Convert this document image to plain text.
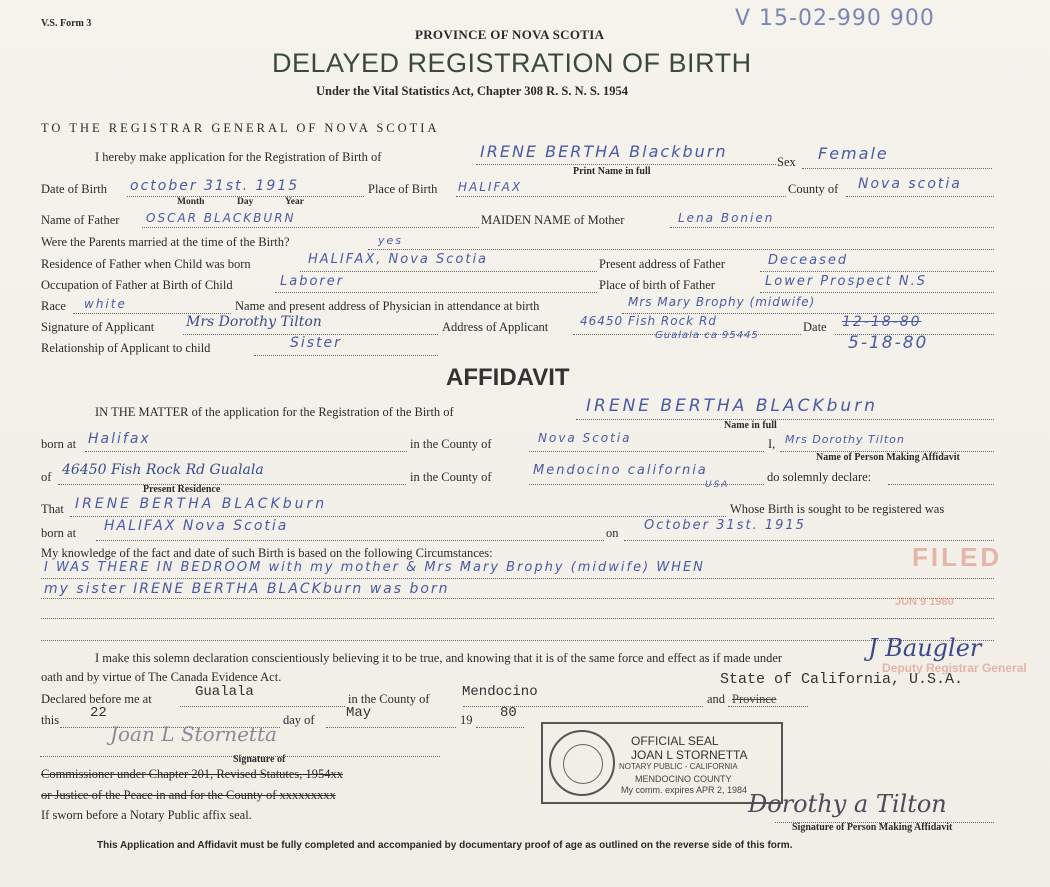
V.S. Form 3	V 15-02-990 900
PROVINCE OF NOVA SCOTIA
DELAYED REGISTRATION OF BIRTH
Under the Vital Statistics Act, Chapter 308 R. S. N. S. 1954
TO THE REGISTRAR GENERAL OF NOVA SCOTIA
I hereby make application for the Registration of Birth of	IRENE BERTHA Blackburn
Sex Female
Print Name in full
Date of Birth october 31st. 1915
Month	Day	Year
Place of Birth HALIFAX	County of Nova scotia
Name of Father OSCAR BLACKBURN	MAIDEN NAME of Mother	Lena Bonien
Were the Parents married at the time of the Birth?	yes
Residence of Father when Child was born	HALIFAX, Nova Scotia	Present address of Father	Deceased
Occupation of Father at Birth of Child	Laborer	Place of birth of Father	Lower Prospect N.S
Race white	Name and present address of Physician in attendance at birth	Mrs Mary Brophy (midwife)
Signature of Applicant Mrs Dorothy Tilton	Address of Applicant	46450 Fish Rock Rd
Gualala ca 95445
Date 12-18-80
5-18-80
Relationship of Applicant to child	Sister
AFFIDAVIT
IN THE MATTER of the application for the Registration of the Birth of	IRENE BERTHA BLACKburn
Name in full
born at Halifax	in the County of	Nova Scotia	I, Mrs Dorothy Tilton
Name of Person Making Affidavit
of 46450 Fish Rock Rd Gualala
Present Residence
in the County of	Mendocino california
USA
do solemnly declare:
That IRENE BERTHA BLACKburn	Whose Birth is sought to be registered was
born at HALIFAX Nova Scotia	on October 31st. 1915
My knowledge of the fact and date of such Birth is based on the following Circumstances:
I WAS THERE IN BEDROOM with my mother & Mrs Mary Brophy (midwife) WHEN
my sister IRENE BERTHA BLACKburn was born
I make this solemn declaration conscientiously believing it to be true, and knowing that it is of the same force and effect as if made under
oath and by virtue of The Canada Evidence Act.
Declared before me at	Gualala	in the County of Mendocino
State of California, U.S.A.
and Province
this 22	day of May	19 80
Joan L Stornetta
Signature of
Commissioner under Chapter 201, Revised Statutes, 1954xx
or Justice of the Peace in and for the County of xxxxxxxxx
If sworn before a Notary Public affix seal.
OFFICIAL SEAL
JOAN L STORNETTA
NOTARY PUBLIC - CALIFORNIA
MENDOCINO COUNTY
My comm. expires APR 2, 1984
FILED
JUN 9 1980
Deputy Registrar General
J Baugler
Dorothy a Tilton
Signature of Person Making Affidavit
This Application and Affidavit must be fully completed and accompanied by documentary proof of age as outlined on the reverse side of this form.
